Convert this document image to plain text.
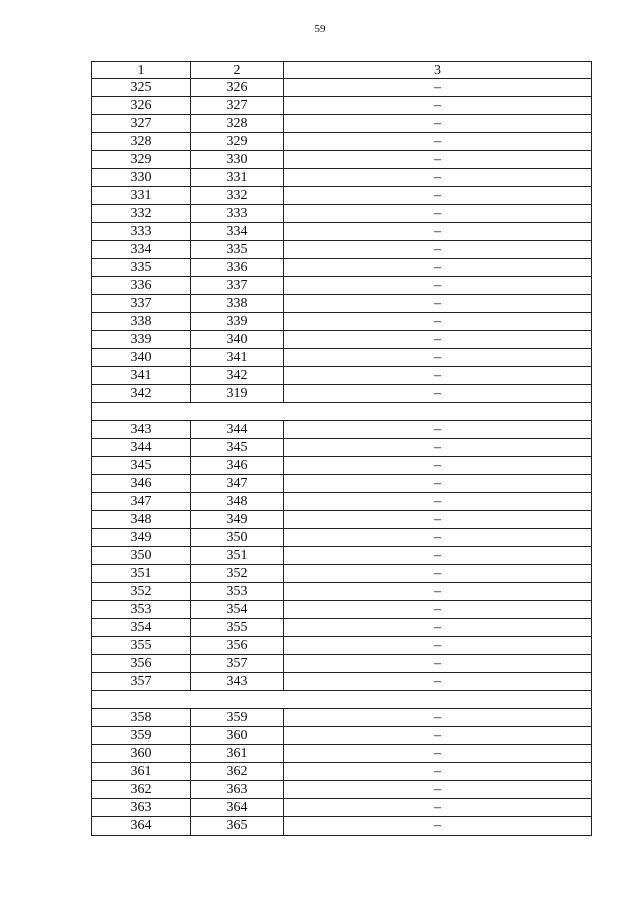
59
1	2	3
325	326	–
326	327	–
327	328	–
328	329	–
329	330	–
330	331	–
331	332	–
332	333	–
333	334	–
334	335	–
335	336	–
336	337	–
337	338	–
338	339	–
339	340	–
340	341	–
341	342	–
342	319	–
343	344	–
344	345	–
345	346	–
346	347	–
347	348	–
348	349	–
349	350	–
350	351	–
351	352	–
352	353	–
353	354	–
354	355	–
355	356	–
356	357	–
357	343	–
358	359	–
359	360	–
360	361	–
361	362	–
362	363	–
363	364	–
364	365	–
